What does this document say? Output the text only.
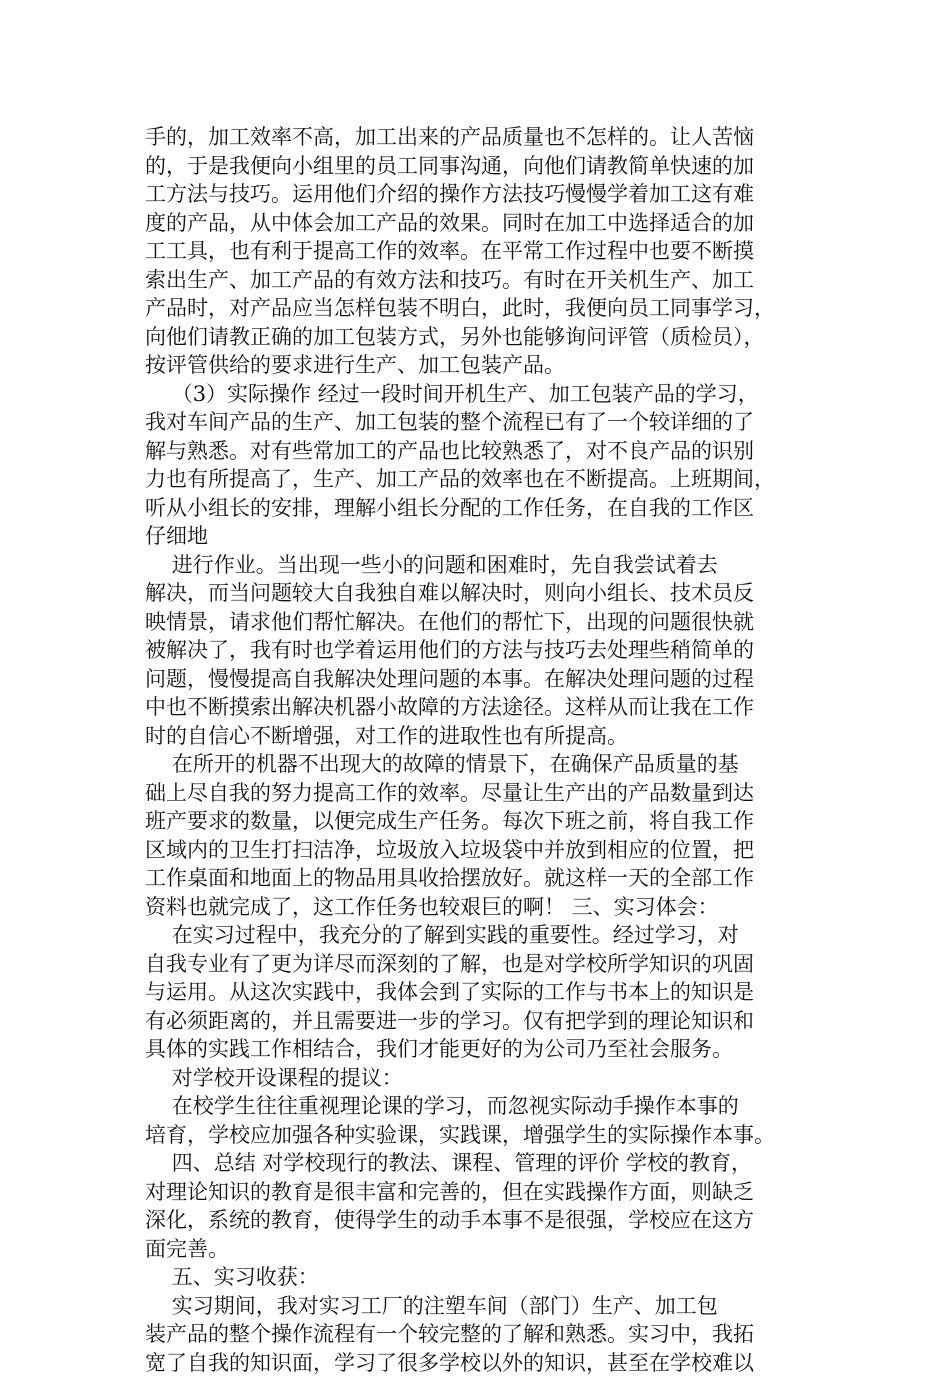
手的，加工效率不高，加工出来的产品质量也不怎样的。让人苦恼
的，于是我便向小组里的员工同事沟通，向他们请教简单快速的加
工方法与技巧。运用他们介绍的操作方法技巧慢慢学着加工这有难
度的产品，从中体会加工产品的效果。同时在加工中选择适合的加
工工具，也有利于提高工作的效率。在平常工作过程中也要不断摸
索出生产、加工产品的有效方法和技巧。有时在开关机生产、加工
产品时，对产品应当怎样包装不明白，此时，我便向员工同事学习，
向他们请教正确的加工包装方式，另外也能够询问评管（质检员），
按评管供给的要求进行生产、加工包装产品。
（3）实际操作 经过一段时间开机生产、加工包装产品的学习，
我对车间产品的生产、加工包装的整个流程已有了一个较详细的了
解与熟悉。对有些常加工的产品也比较熟悉了，对不良产品的识别
力也有所提高了，生产、加工产品的效率也在不断提高。上班期间，
听从小组长的安排，理解小组长分配的工作任务，在自我的工作区
仔细地
进行作业。当出现一些小的问题和困难时，先自我尝试着去
解决，而当问题较大自我独自难以解决时，则向小组长、技术员反
映情景，请求他们帮忙解决。在他们的帮忙下，出现的问题很快就
被解决了，我有时也学着运用他们的方法与技巧去处理些稍简单的
问题，慢慢提高自我解决处理问题的本事。在解决处理问题的过程
中也不断摸索出解决机器小故障的方法途径。这样从而让我在工作
时的自信心不断增强，对工作的进取性也有所提高。
在所开的机器不出现大的故障的情景下，在确保产品质量的基
础上尽自我的努力提高工作的效率。尽量让生产出的产品数量到达
班产要求的数量，以便完成生产任务。每次下班之前，将自我工作
区域内的卫生打扫洁净，垃圾放入垃圾袋中并放到相应的位置，把
工作桌面和地面上的物品用具收拾摆放好。就这样一天的全部工作
资料也就完成了，这工作任务也较艰巨的啊！ 三、实习体会：
在实习过程中，我充分的了解到实践的重要性。经过学习，对
自我专业有了更为详尽而深刻的了解，也是对学校所学知识的巩固
与运用。从这次实践中，我体会到了实际的工作与书本上的知识是
有必须距离的，并且需要进一步的学习。仅有把学到的理论知识和
具体的实践工作相结合，我们才能更好的为公司乃至社会服务。
对学校开设课程的提议：
在校学生往往重视理论课的学习，而忽视实际动手操作本事的
培育，学校应加强各种实验课，实践课，增强学生的实际操作本事。
四、总结 对学校现行的教法、课程、管理的评价 学校的教育，
对理论知识的教育是很丰富和完善的，但在实践操作方面，则缺乏
深化，系统的教育，使得学生的动手本事不是很强，学校应在这方
面完善。
五、实习收获：
实习期间，我对实习工厂的注塑车间（部门）生产、加工包
装产品的整个操作流程有一个较完整的了解和熟悉。实习中，我拓
宽了自我的知识面，学习了很多学校以外的知识，甚至在学校难以
